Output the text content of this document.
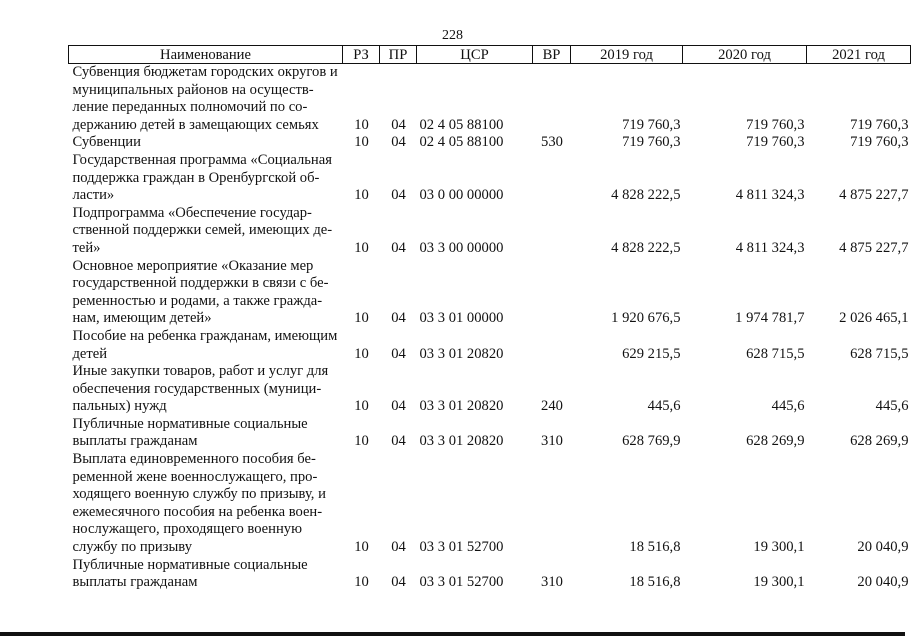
228
Наименование	РЗ	ПР	ЦСР	ВР	2019 год	2020 год	2021 год
Субвенция бюджетам городских округов и муниципальных районов на осуществление переданных полномочий по содержанию детей в замещающих семьях	10	04	02 4 05 88100		719 760,3	719 760,3	719 760,3
Субвенции	10	04	02 4 05 88100	530	719 760,3	719 760,3	719 760,3
Государственная программа «Социальная поддержка граждан в Оренбургской области»	10	04	03 0 00 00000		4 828 222,5	4 811 324,3	4 875 227,7
Подпрограмма «Обеспечение государственной поддержки семей, имеющих детей»	10	04	03 3 00 00000		4 828 222,5	4 811 324,3	4 875 227,7
Основное мероприятие «Оказание мер государственной поддержки в связи с беременностью и родами, а также гражданам, имеющим детей»	10	04	03 3 01 00000		1 920 676,5	1 974 781,7	2 026 465,1
Пособие на ребенка гражданам, имеющим детей	10	04	03 3 01 20820		629 215,5	628 715,5	628 715,5
Иные закупки товаров, работ и услуг для обеспечения государственных (муниципальных) нужд	10	04	03 3 01 20820	240	445,6	445,6	445,6
Публичные нормативные социальные выплаты гражданам	10	04	03 3 01 20820	310	628 769,9	628 269,9	628 269,9
Выплата единовременного пособия беременной жене военнослужащего, проходящего военную службу по призыву, и ежемесячного пособия на ребенка военнослужащего, проходящего военную службу по призыву	10	04	03 3 01 52700		18 516,8	19 300,1	20 040,9
Публичные нормативные социальные выплаты гражданам	10	04	03 3 01 52700	310	18 516,8	19 300,1	20 040,9
